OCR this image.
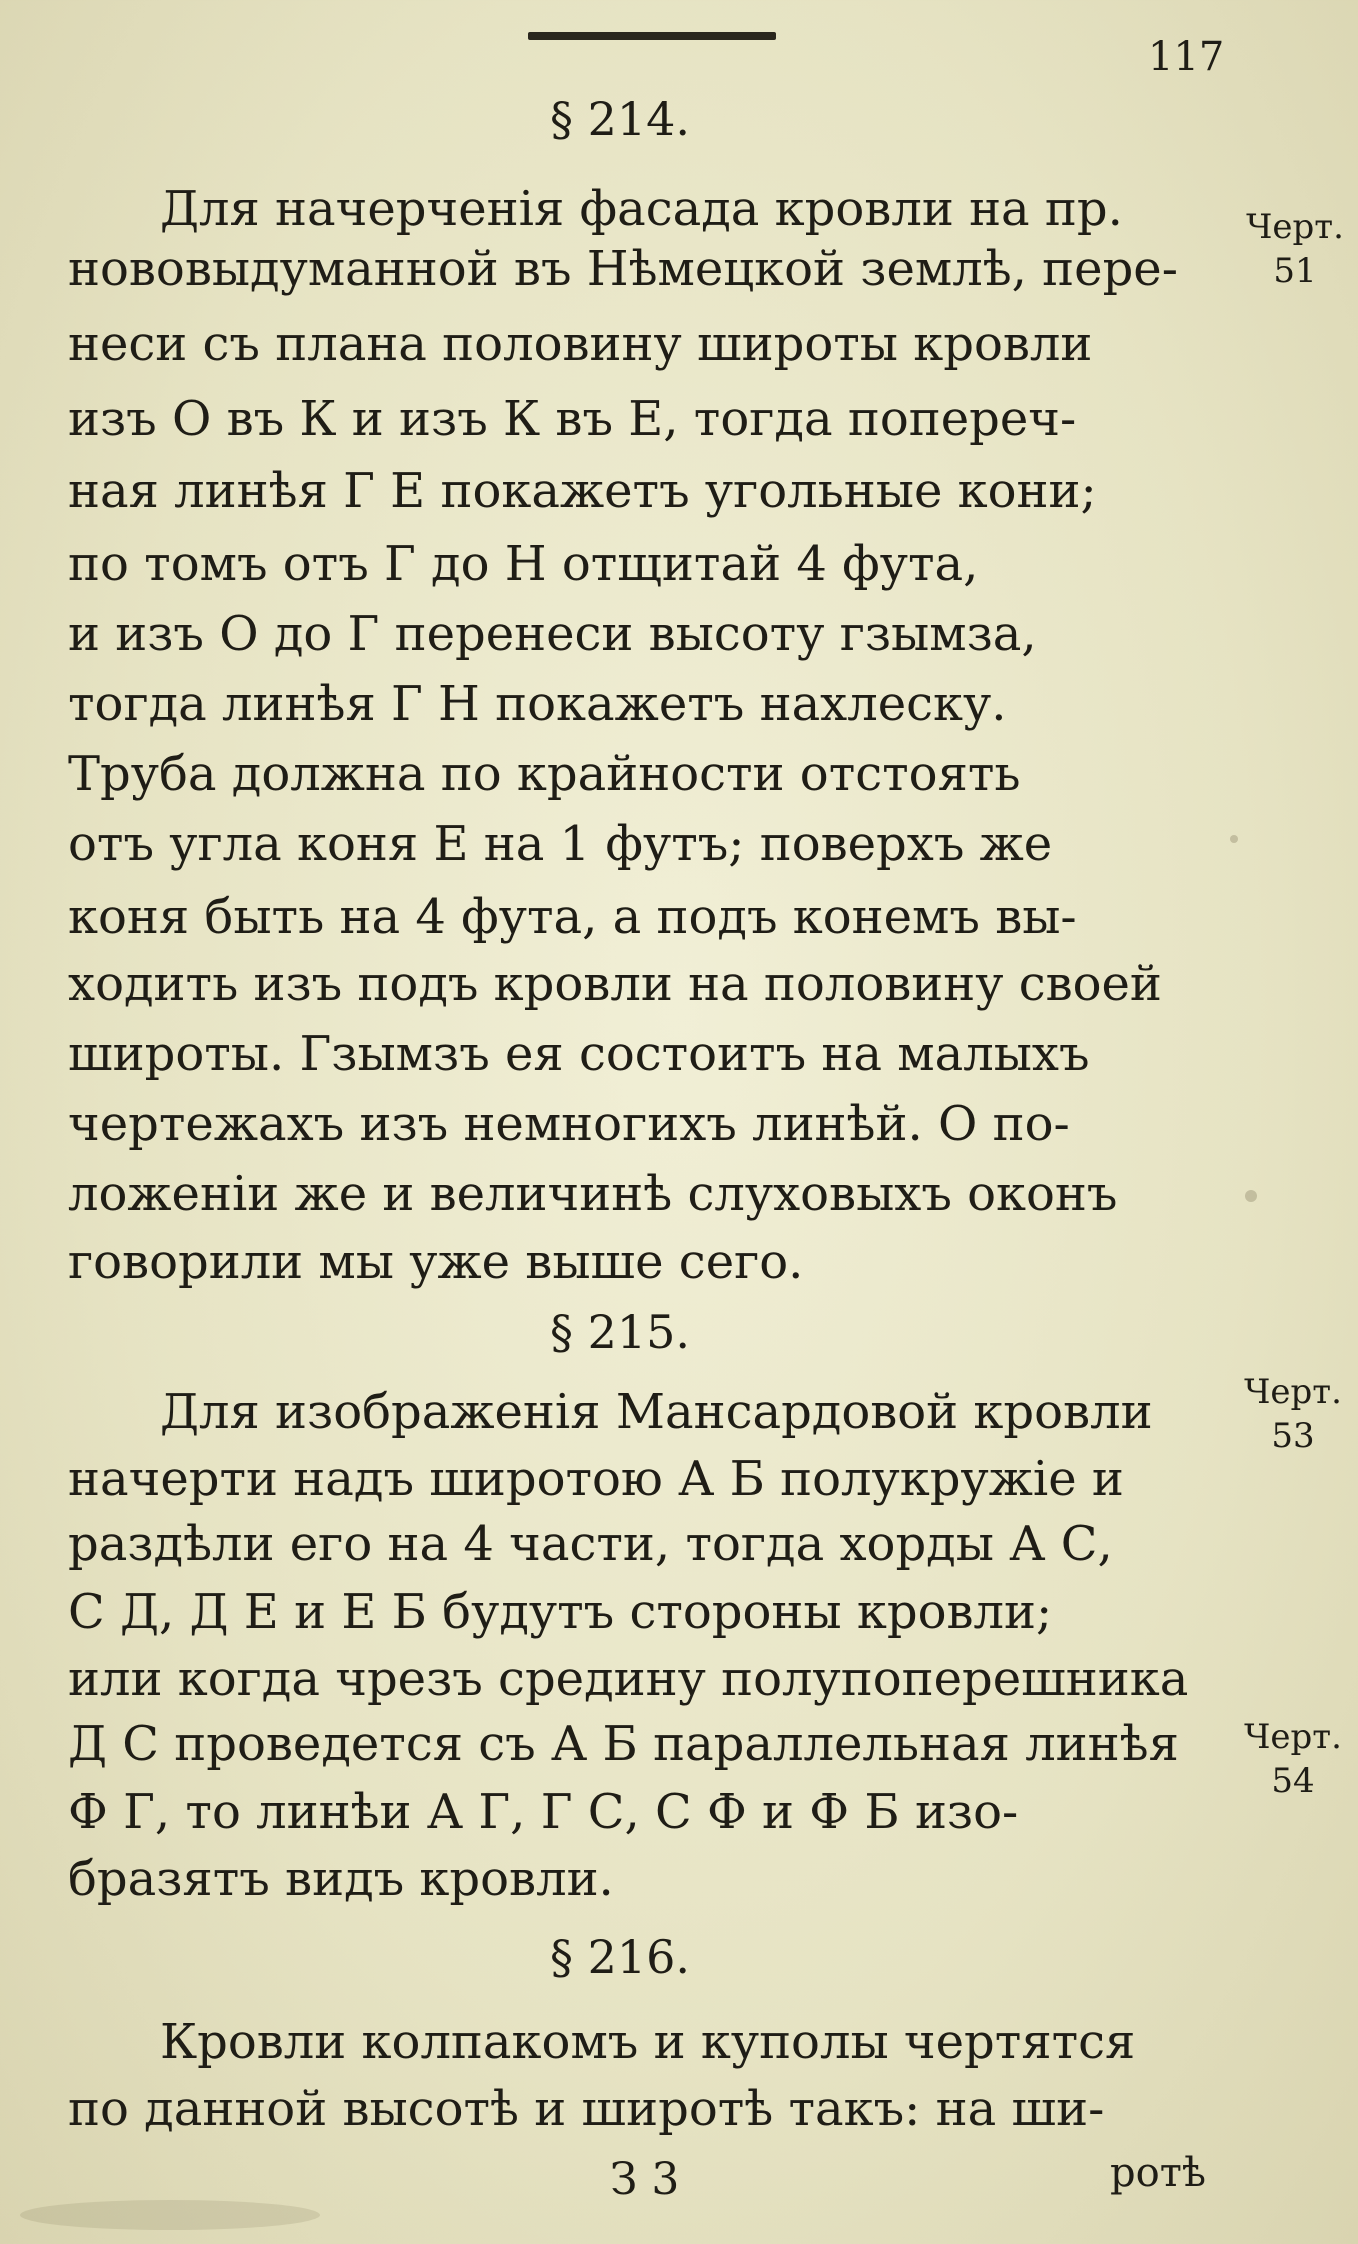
117
§ 214.
Для начерченія фасада кровли на пр.
нововыдуманной въ Нѣмецкой землѣ, пере-
неси съ плана половину широты кровли
изъ О въ К и изъ К въ Е, тогда попереч-
ная линѣя Г Е покажетъ угольные кони;
по томъ отъ Г до Н отщитай 4 фута,
и изъ О до Г перенеси высоту гзымза,
тогда линѣя Г Н покажетъ нахлеску.
Труба должна по крайности отстоять
отъ угла коня Е на 1 футъ; поверхъ же
коня быть на 4 фута, а подъ конемъ вы-
ходить изъ подъ кровли на половину своей
широты. Гзымзъ ея состоитъ на малыхъ
чертежахъ изъ немногихъ линѣй. О по-
ложеніи же и величинѣ слуховыхъ оконъ
говорили мы уже выше сего.
Черт.
51
§ 215.
Для изображенія Мансардовой кровли
начерти надъ широтою А Б полукружіе и
раздѣли его на 4 части, тогда хорды А С,
С Д, Д Е и Е Б будутъ стороны кровли;
или когда чрезъ средину полупоперешника
Д С проведется съ А Б параллельная линѣя
Ф Г, то линѣи А Г, Г С, С Ф и Ф Б изо-
бразятъ видъ кровли.
Черт.
53
Черт.
54
§ 216.
Кровли колпакомъ и куполы чертятся
по данной высотѣ и широтѣ такъ: на ши-
ротѣ
З 3
